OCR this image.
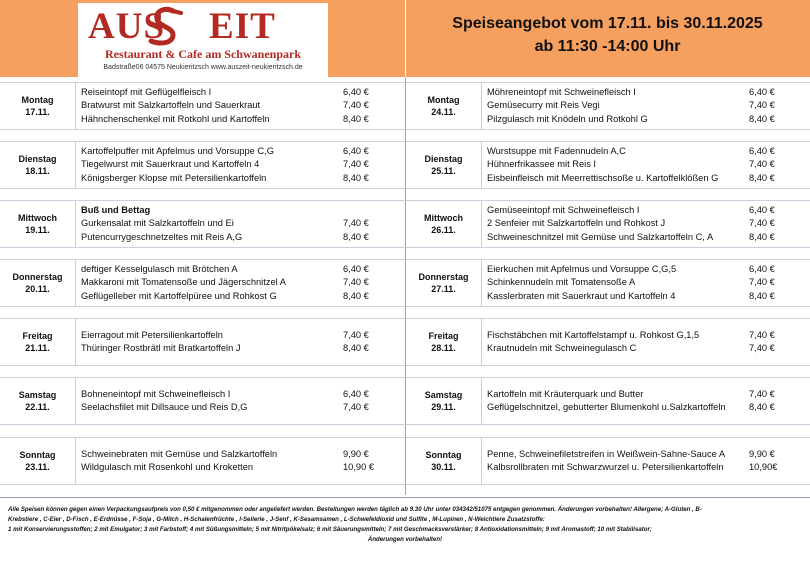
AUS EIT
Restaurant & Cafe am Schwanenpark
Badstraße06 04575 Neukieritzsch www.auszeit-neukieritzsch.de
Speiseangebot vom 17.11. bis 30.11.2025
ab 11:30 -14:00 Uhr
Montag
17.11.
Reiseintopf mit Geflügelfleisch I	6,40 €
Bratwurst mit Salzkartoffeln und Sauerkraut	7,40 €
Hähnchenschenkel mit Rotkohl und Kartoffeln	8,40 €
Dienstag
18.11.
Kartoffelpuffer mit Apfelmus und Vorsuppe C,G	6,40 €
Tiegelwurst mit Sauerkraut und Kartoffeln 4	7,40 €
Königsberger Klopse mit Petersilienkartoffeln	8,40 €
Mittwoch
19.11.
Buß und Bettag
Gurkensalat mit Salzkartoffeln und Ei	7,40 €
Putencurrygeschnetzeltes mit Reis A,G	8,40 €
Donnerstag
20.11.
deftiger Kesselgulasch mit Brötchen A	6,40 €
Makkaroni mit Tomatensoße und Jägerschnitzel A	7,40 €
Geflügelleber mit Kartoffelpüree und Rohkost G	8,40 €
Freitag
21.11.
Eierragout mit Petersilienkartoffeln	7,40 €
Thüringer Rostbrätl mit Bratkartoffeln J	8,40 €
Samstag
22.11.
Bohneneintopf mit Schweinefleisch I	6,40 €
Seelachsfilet mit Dillsauce und Reis D,G	7,40 €
Sonntag
23.11.
Schweinebraten mit Gemüse und Salzkartoffeln	9,90 €
Wildgulasch mit Rosenkohl und Kroketten	10,90 €
Montag
24.11.
Möhreneintopf mit Schweinefleisch I	6,40 €
Gemüsecurry mit Reis Vegi	7,40 €
Pilzgulasch mit Knödeln und Rotkohl G	8,40 €
Dienstag
25.11.
Wurstsuppe mit Fadennudeln A,C	6,40 €
Hühnerfrikassee mit Reis I	7,40 €
Eisbeinfleisch mit Meerrettischsoße u. Kartoffelklößen G	8,40 €
Mittwoch
26.11.
Gemüseeintopf mit Schweinefleisch I	6,40 €
2 Senfeier mit Salzkartoffeln und Rohkost J	7,40 €
Schweineschnitzel mit Gemüse und Salzkartoffeln C, A	8,40 €
Donnerstag
27.11.
Eierkuchen mit Apfelmus und Vorsuppe C,G,5	6,40 €
Schinkennudeln mit Tomatensoße A	7,40 €
Kasslerbraten mit Sauerkraut und Kartoffeln 4	8,40 €
Freitag
28.11.
Fischstäbchen mit Kartoffelstampf u. Rohkost G,1,5	7,40 €
Krautnudeln mit Schweinegulasch C	7,40 €
Samstag
29.11.
Kartoffeln mit Kräuterquark und Butter	7,40 €
Geflügelschnitzel, gebutterter Blumenkohl u.Salzkartoffeln	8,40 €
Sonntag
30.11.
Penne, Schweinefiletstreifen in Weißwein-Sahne-Sauce A	9,90 €
Kalbsrollbraten mit Schwarzwurzel u. Petersilienkartoffeln	10,90€
Alle Speisen können gegen einen Verpackungsaufpreis von 0,50 € mitgenommen oder angeliefert werden. Bestellungen werden täglich ab 9.30 Uhr unter 034342/51075 entgegen genommen. Änderungen vorbehalten! Allergene; A-Gluten , B-
Krebstiere , C-Eier , D-Fisch , E-Erdnüsse , F-Soja , G-Milch , H-Schalenfrüchte , I-Sellerie , J-Senf , K-Sesamsamen , L-Schwefeldioxid und Sulfite , M-Lupinen , N-Weichtiere Zusatzstoffe:
1 mit Konservierungsstoffen; 2 mit Emulgator; 3 mit Farbstoff; 4 mit Süßungsmitteln; 5 mit Nitritpökelsalz; 6 mit Säuerungsmitteln; 7 mit Geschmacksverstärker; 8 Antioxidationsmitteln; 9 mit Aromastoff; 10 mit Stabilisator;
Änderungen vorbehalten!
